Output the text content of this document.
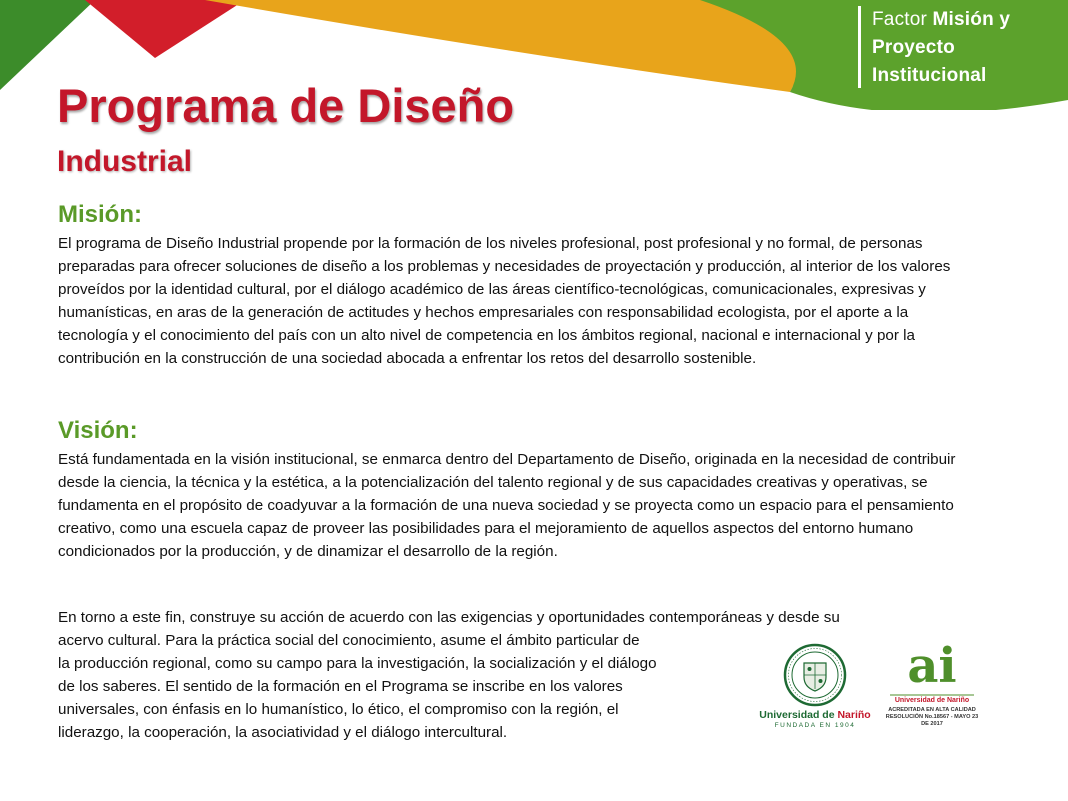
Factor Misión y
Proyecto
Institucional
Programa de Diseño
Industrial
Misión:

El programa de Diseño Industrial propende por la formación de los niveles profesional, post profesional y no formal, de personas preparadas para ofrecer soluciones de diseño a los problemas y necesidades de proyectación y producción, al interior de los valores proveídos por la identidad cultural, por el diálogo académico de las áreas científico-tecnológicas, comunicacionales, expresivas y humanísticas, en aras de la generación de actitudes y hechos empresariales con responsabilidad ecologista, por el aporte a la tecnología y el conocimiento del país con un alto nivel de competencia en los ámbitos regional, nacional e internacional y por la contribución en la construcción de una sociedad abocada a enfrentar los retos del desarrollo sostenible.

Visión:

Está fundamentada en la visión institucional, se enmarca dentro del Departamento de Diseño, originada en la necesidad de contribuir desde la ciencia, la técnica y la estética, a la potencialización del talento regional y de sus capacidades creativas y operativas, se fundamenta en el propósito de coadyuvar a la formación de una nueva sociedad y se proyecta como un espacio para el pensamiento creativo, como una escuela capaz de proveer las posibilidades para el mejoramiento de aquellos aspectos del entorno humano condicionados por la producción, y de dinamizar el desarrollo de la región.

En torno a este fin, construye su acción de acuerdo con las exigencias y oportunidades contemporáneas y desde su
acervo cultural. Para la práctica social del conocimiento, asume el ámbito particular de
la producción regional, como su campo para la investigación, la socialización y el diálogo
de los saberes. El sentido de la formación en el Programa se inscribe en los valores
universales, con énfasis en lo humanístico, lo ético, el compromiso con la región, el
liderazgo, la cooperación, la asociatividad y el diálogo intercultural.

Universidad de Nariño
FUNDADA EN 1904
ai
Universidad de Nariño
ACREDITADA EN ALTA CALIDAD
RESOLUCIÓN No.18567 - MAYO 23 DE 2017
